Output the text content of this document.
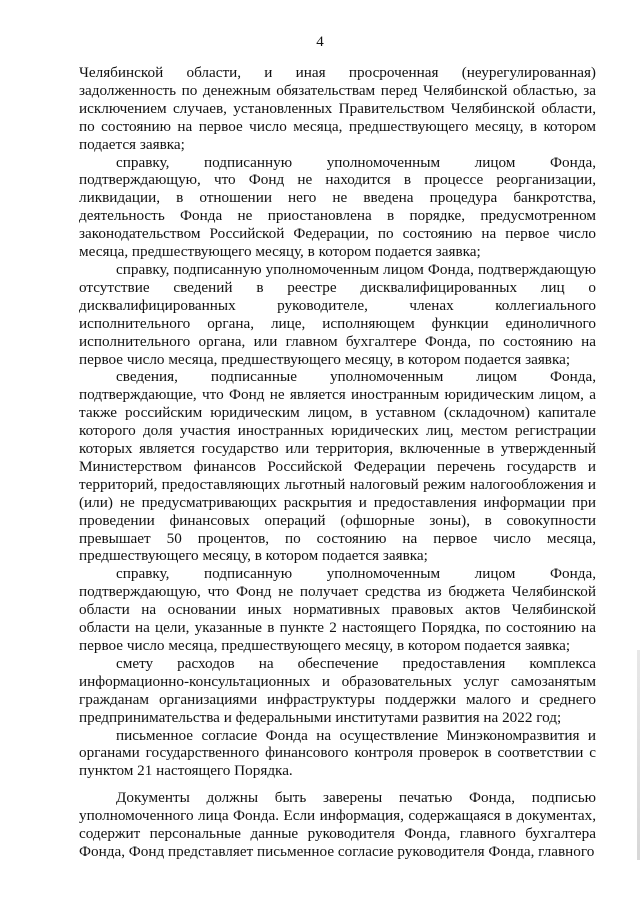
4

Челябинской области, и иная просроченная (неурегулированная) задолженность по денежным обязательствам перед Челябинской областью, за исключением случаев, установленных Правительством Челябинской области, по состоянию на первое число месяца, предшествующего месяцу, в котором подается заявка;

справку, подписанную уполномоченным лицом Фонда, подтверждающую, что Фонд не находится в процессе реорганизации, ликвидации, в отношении него не введена процедура банкротства, деятельность Фонда не приостановлена в порядке, предусмотренном законодательством Российской Федерации, по состоянию на первое число месяца, предшествующего месяцу, в котором подается заявка;

справку, подписанную уполномоченным лицом Фонда, подтверждающую отсутствие сведений в реестре дисквалифицированных лиц о дисквалифицированных руководителе, членах коллегиального исполнительного органа, лице, исполняющем функции единоличного исполнительного органа, или главном бухгалтере Фонда, по состоянию на первое число месяца, предшествующего месяцу, в котором подается заявка;

сведения, подписанные уполномоченным лицом Фонда, подтверждающие, что Фонд не является иностранным юридическим лицом, а также российским юридическим лицом, в уставном (складочном) капитале которого доля участия иностранных юридических лиц, местом регистрации которых является государство или территория, включенные в утвержденный Министерством финансов Российской Федерации перечень государств и территорий, предоставляющих льготный налоговый режим налогообложения и (или) не предусматривающих раскрытия и предоставления информации при проведении финансовых операций (офшорные зоны), в совокупности превышает 50 процентов, по состоянию на первое число месяца, предшествующего месяцу, в котором подается заявка;

справку, подписанную уполномоченным лицом Фонда, подтверждающую, что Фонд не получает средства из бюджета Челябинской области на основании иных нормативных правовых актов Челябинской области на цели, указанные в пункте 2 настоящего Порядка, по состоянию на первое число месяца, предшествующего месяцу, в котором подается заявка;

смету расходов на обеспечение предоставления комплекса информационно-консультационных и образовательных услуг самозанятым гражданам организациями инфраструктуры поддержки малого и среднего предпринимательства и федеральными институтами развития на 2022 год;

письменное согласие Фонда на осуществление Минэкономразвития и органами государственного финансового контроля проверок в соответствии с пунктом 21 настоящего Порядка.

Документы должны быть заверены печатью Фонда, подписью уполномоченного лица Фонда. Если информация, содержащаяся в документах, содержит персональные данные руководителя Фонда, главного бухгалтера Фонда, Фонд представляет письменное согласие руководителя Фонда, главного
